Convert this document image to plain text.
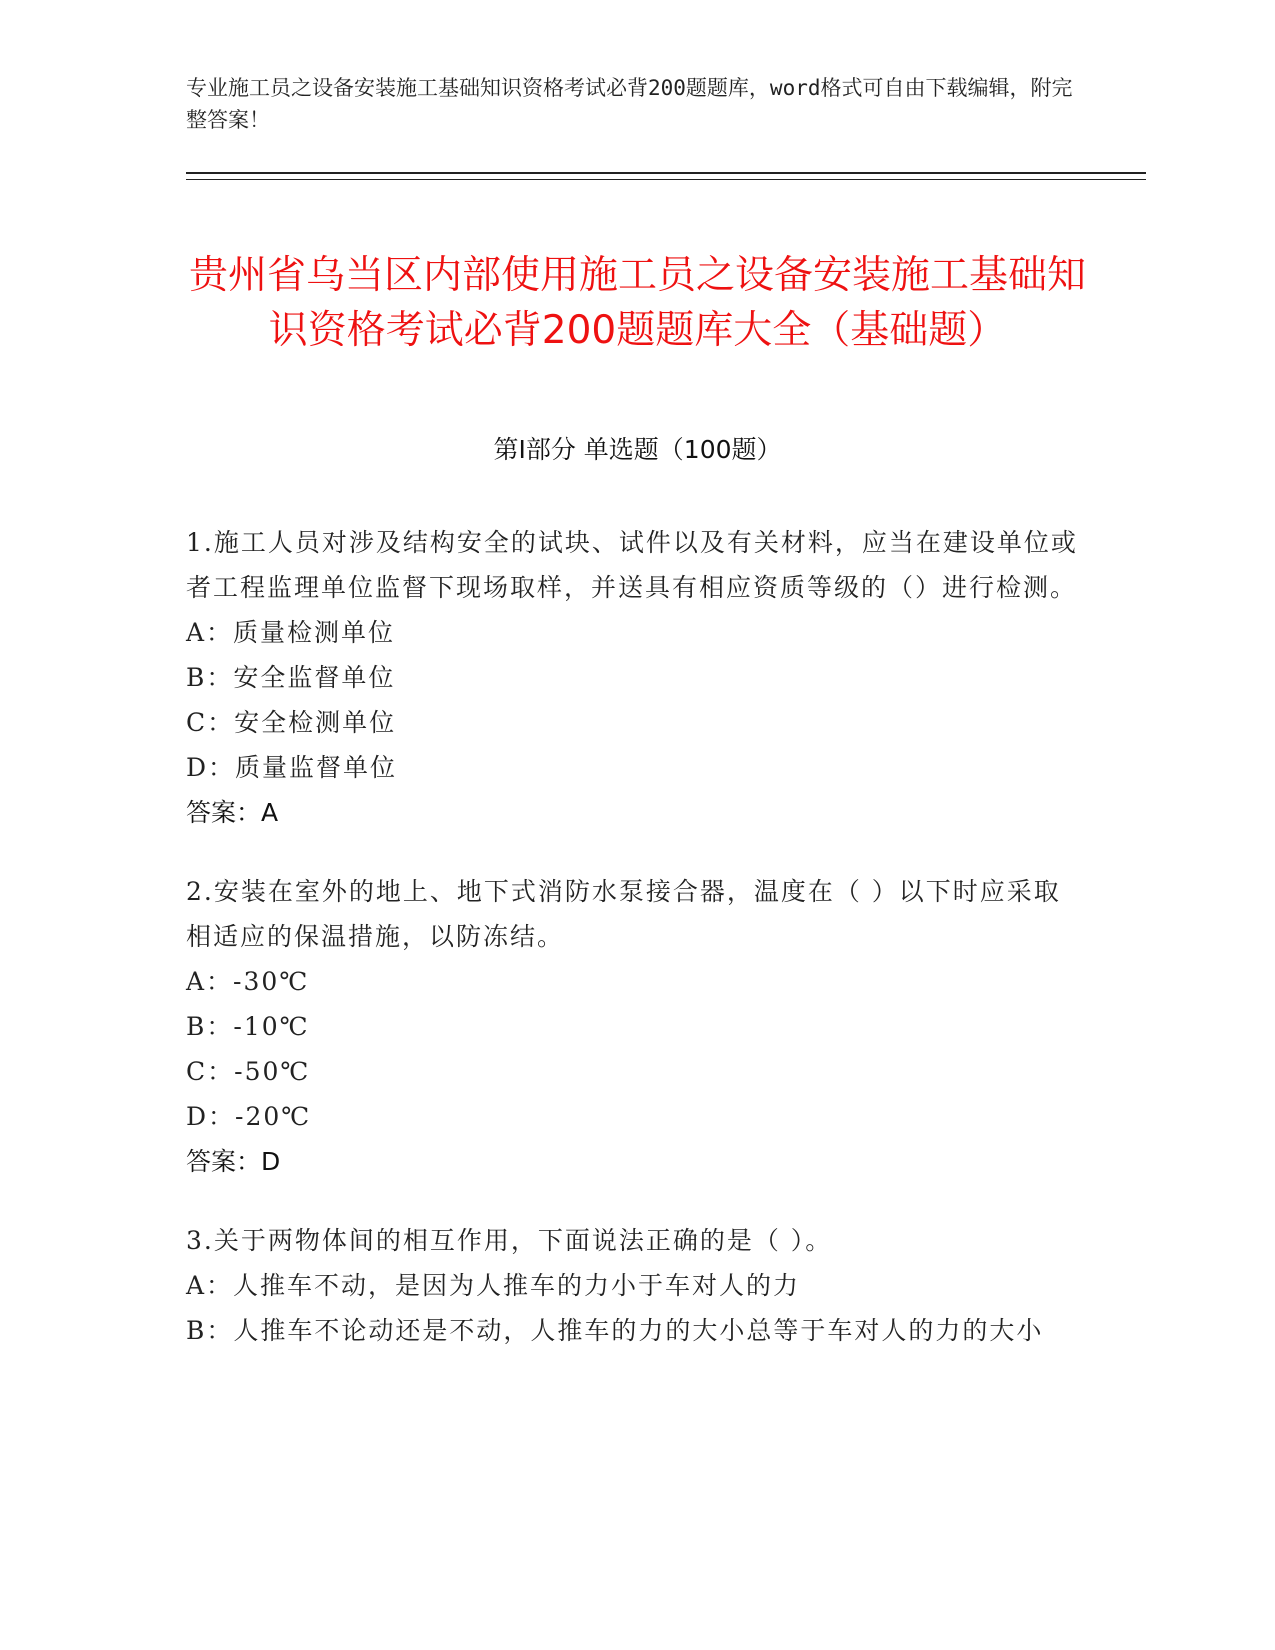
专业施工员之设备安装施工基础知识资格考试必背200题题库，word格式可自由下载编辑，附完整答案！
贵州省乌当区内部使用施工员之设备安装施工基础知识资格考试必背200题题库大全（基础题）
第I部分 单选题（100题）

1.施工人员对涉及结构安全的试块、试件以及有关材料，应当在建设单位或者工程监理单位监督下现场取样，并送具有相应资质等级的（）进行检测。

A：质量检测单位

B：安全监督单位

C：安全检测单位

D：质量监督单位

答案：A

2.安装在室外的地上、地下式消防水泵接合器，温度在（ ）以下时应采取相适应的保温措施，以防冻结。

A：-30℃

B：-10℃

C：-50℃

D：-20℃

答案：D

3.关于两物体间的相互作用，下面说法正确的是（ ）。

A：人推车不动，是因为人推车的力小于车对人的力

B：人推车不论动还是不动，人推车的力的大小总等于车对人的力的大小
